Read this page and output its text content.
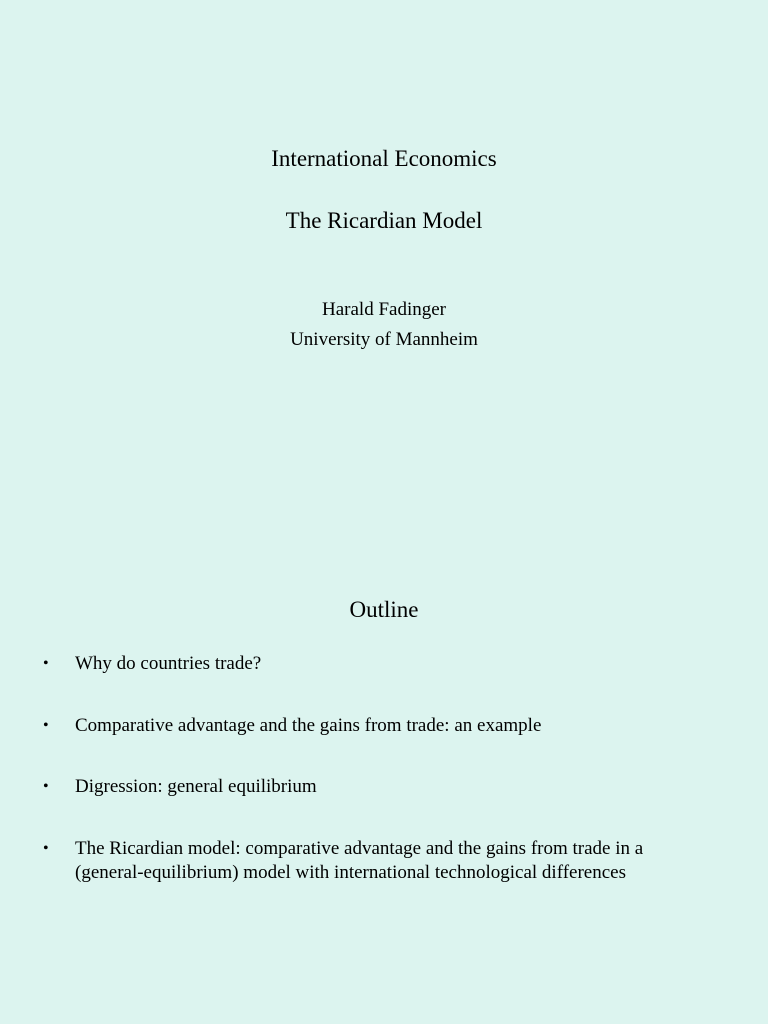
International Economics
The Ricardian Model
Harald Fadinger
University of Mannheim
Outline
• Why do countries trade?
• Comparative advantage and the gains from trade: an example
• Digression: general equilibrium
• The Ricardian model: comparative advantage and the gains from trade in a
(general-equilibrium) model with international technological differences
